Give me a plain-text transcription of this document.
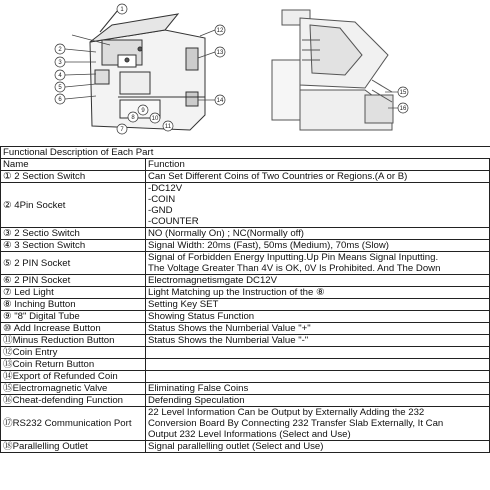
1
2
3
4
5
6
7
8
9
10
11
12
13
14
15
16
Functional Description of Each Part	
Name	Function
① 2 Section Switch	Can Set Different Coins of Two Countries or Regions.(A or B)

② 4Pin Socket	-DC12V
-COIN
-GND
-COUNTER

③ 2 Sectio Switch	NO (Normally On) ; NC(Normally off)

④ 3 Section Switch	Signal Width: 20ms (Fast), 50ms (Medium), 70ms (Slow)

⑤ 2 PIN Socket	Signal of Forbidden Energy Inputting.Up Pin Means Signal Inputting.
The Voltage Greater Than 4V is OK, 0V Is Prohibited. And The Down

⑥ 2 PIN Socket	Electromagnetismgate DC12V

⑦ Led Light	Light Matching up the Instruction of the ⑧

⑧ Inching Button	Setting Key SET

⑨ "8" Digital Tube	Showing Status Function

⑩ Add Increase Button	Status Shows the Numberial Value "+"

⑪Minus Reduction Button	Status Shows the Numberial Value "-"

⑫Coin Entry	

⑬Coin Return Button	

⑭Export of Refunded Coin	

⑮Electromagnetic Valve	Eliminating False Coins

⑯Cheat-defending Function	Defending Speculation

⑰RS232 Communication Port	22 Level Information Can be Output by Externally Adding the 232
Conversion Board By Connecting 232 Transfer Slab Externally, It Can
Output 232 Level Informations (Select and Use)

⑱Parallelling Outlet	Signal parallelling outlet (Select and Use)
